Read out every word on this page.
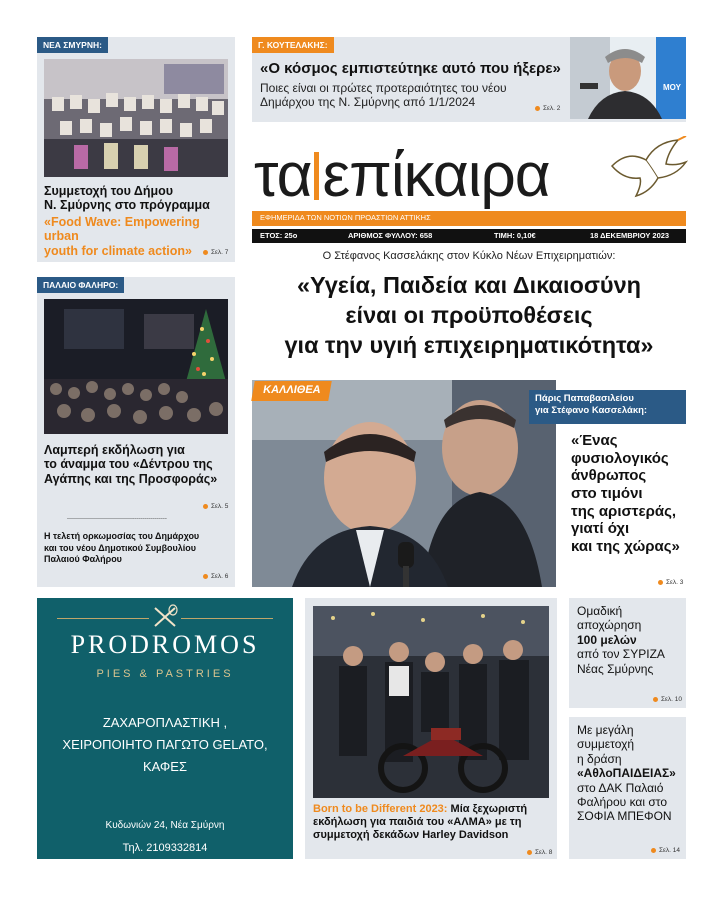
ΝΕΑ ΣΜΥΡΝΗ:
Συμμετοχή του Δήμου
Ν. Σμύρνης στο πρόγραμμα
«Food Wave: Empowering urban
youth for climate action»	Σελ. 7
ΠΑΛΑΙΟ ΦΑΛΗΡΟ:
Λαμπερή εκδήλωση για
το άναμμα του «Δέντρου της
Αγάπης και της Προσφοράς»
Σελ. 5
--------------------------------------------------
Η τελετή ορκωμοσίας του Δημάρχου
και του νέου Δημοτικού Συμβουλίου
Παλαιού Φαλήρου
Σελ. 6
Γ. ΚΟΥΤΕΛΑΚΗΣ:
«Ο κόσμος εμπιστεύτηκε αυτό που ήξερε»
Ποιες είναι οι πρώτες προτεραιότητες του νέου
Δημάρχου της Ν. Σμύρνης από 1/1/2024	Σελ. 2
ΜΟΥ
τα επίκαιρα
ΕΦΗΜΕΡΙΔΑ ΤΩΝ ΝΟΤΙΩΝ ΠΡΟΑΣΤΙΩΝ ΑΤΤΙΚΗΣ
ΕΤΟΣ: 25ο	ΑΡΙΘΜΟΣ ΦΥΛΛΟΥ: 658	ΤΙΜΗ: 0,10€	18 ΔΕΚΕΜΒΡΙΟΥ 2023
Ο Στέφανος Κασσελάκης στον Κύκλο Νέων Επιχειρηματιών:
«Υγεία, Παιδεία και Δικαιοσύνη
είναι οι προϋποθέσεις
για την υγιή επιχειρηματικότητα»
ΚΑΛΛΙΘΕΑ
Πάρις Παπαβασιλείου
για Στέφανο Κασσελάκη:
«Ένας
φυσιολογικός
άνθρωπος
στο τιμόνι
της αριστεράς,
γιατί όχι
και της χώρας»
Σελ. 3
PRODROMOS
PIES & PASTRIES
ΖΑΧΑΡΟΠΛΑΣΤΙΚΗ ,
ΧΕΙΡΟΠΟΙΗΤΟ ΠΑΓΩΤΟ GELATO,
ΚΑΦΕΣ
Κυδωνιών 24, Νέα Σμύρνη
Τηλ. 2109332814
Born to be Different 2023: Μία ξεχωριστή
εκδήλωση για παιδιά του «ΑΛΜΑ» με τη
συμμετοχή δεκάδων Harley Davidson
Σελ. 8
Ομαδική
αποχώρηση
100 μελών
από τον ΣΥΡΙΖΑ
Νέας Σμύρνης
Σελ. 10
Με μεγάλη
συμμετοχή
η δράση
«ΑθλοΠΑΙΔΕΙΑΣ»
στο ΔΑΚ Παλαιό
Φαλήρου και στο
ΣΟΦΙΑ ΜΠΕΦΟΝ
Σελ. 14
